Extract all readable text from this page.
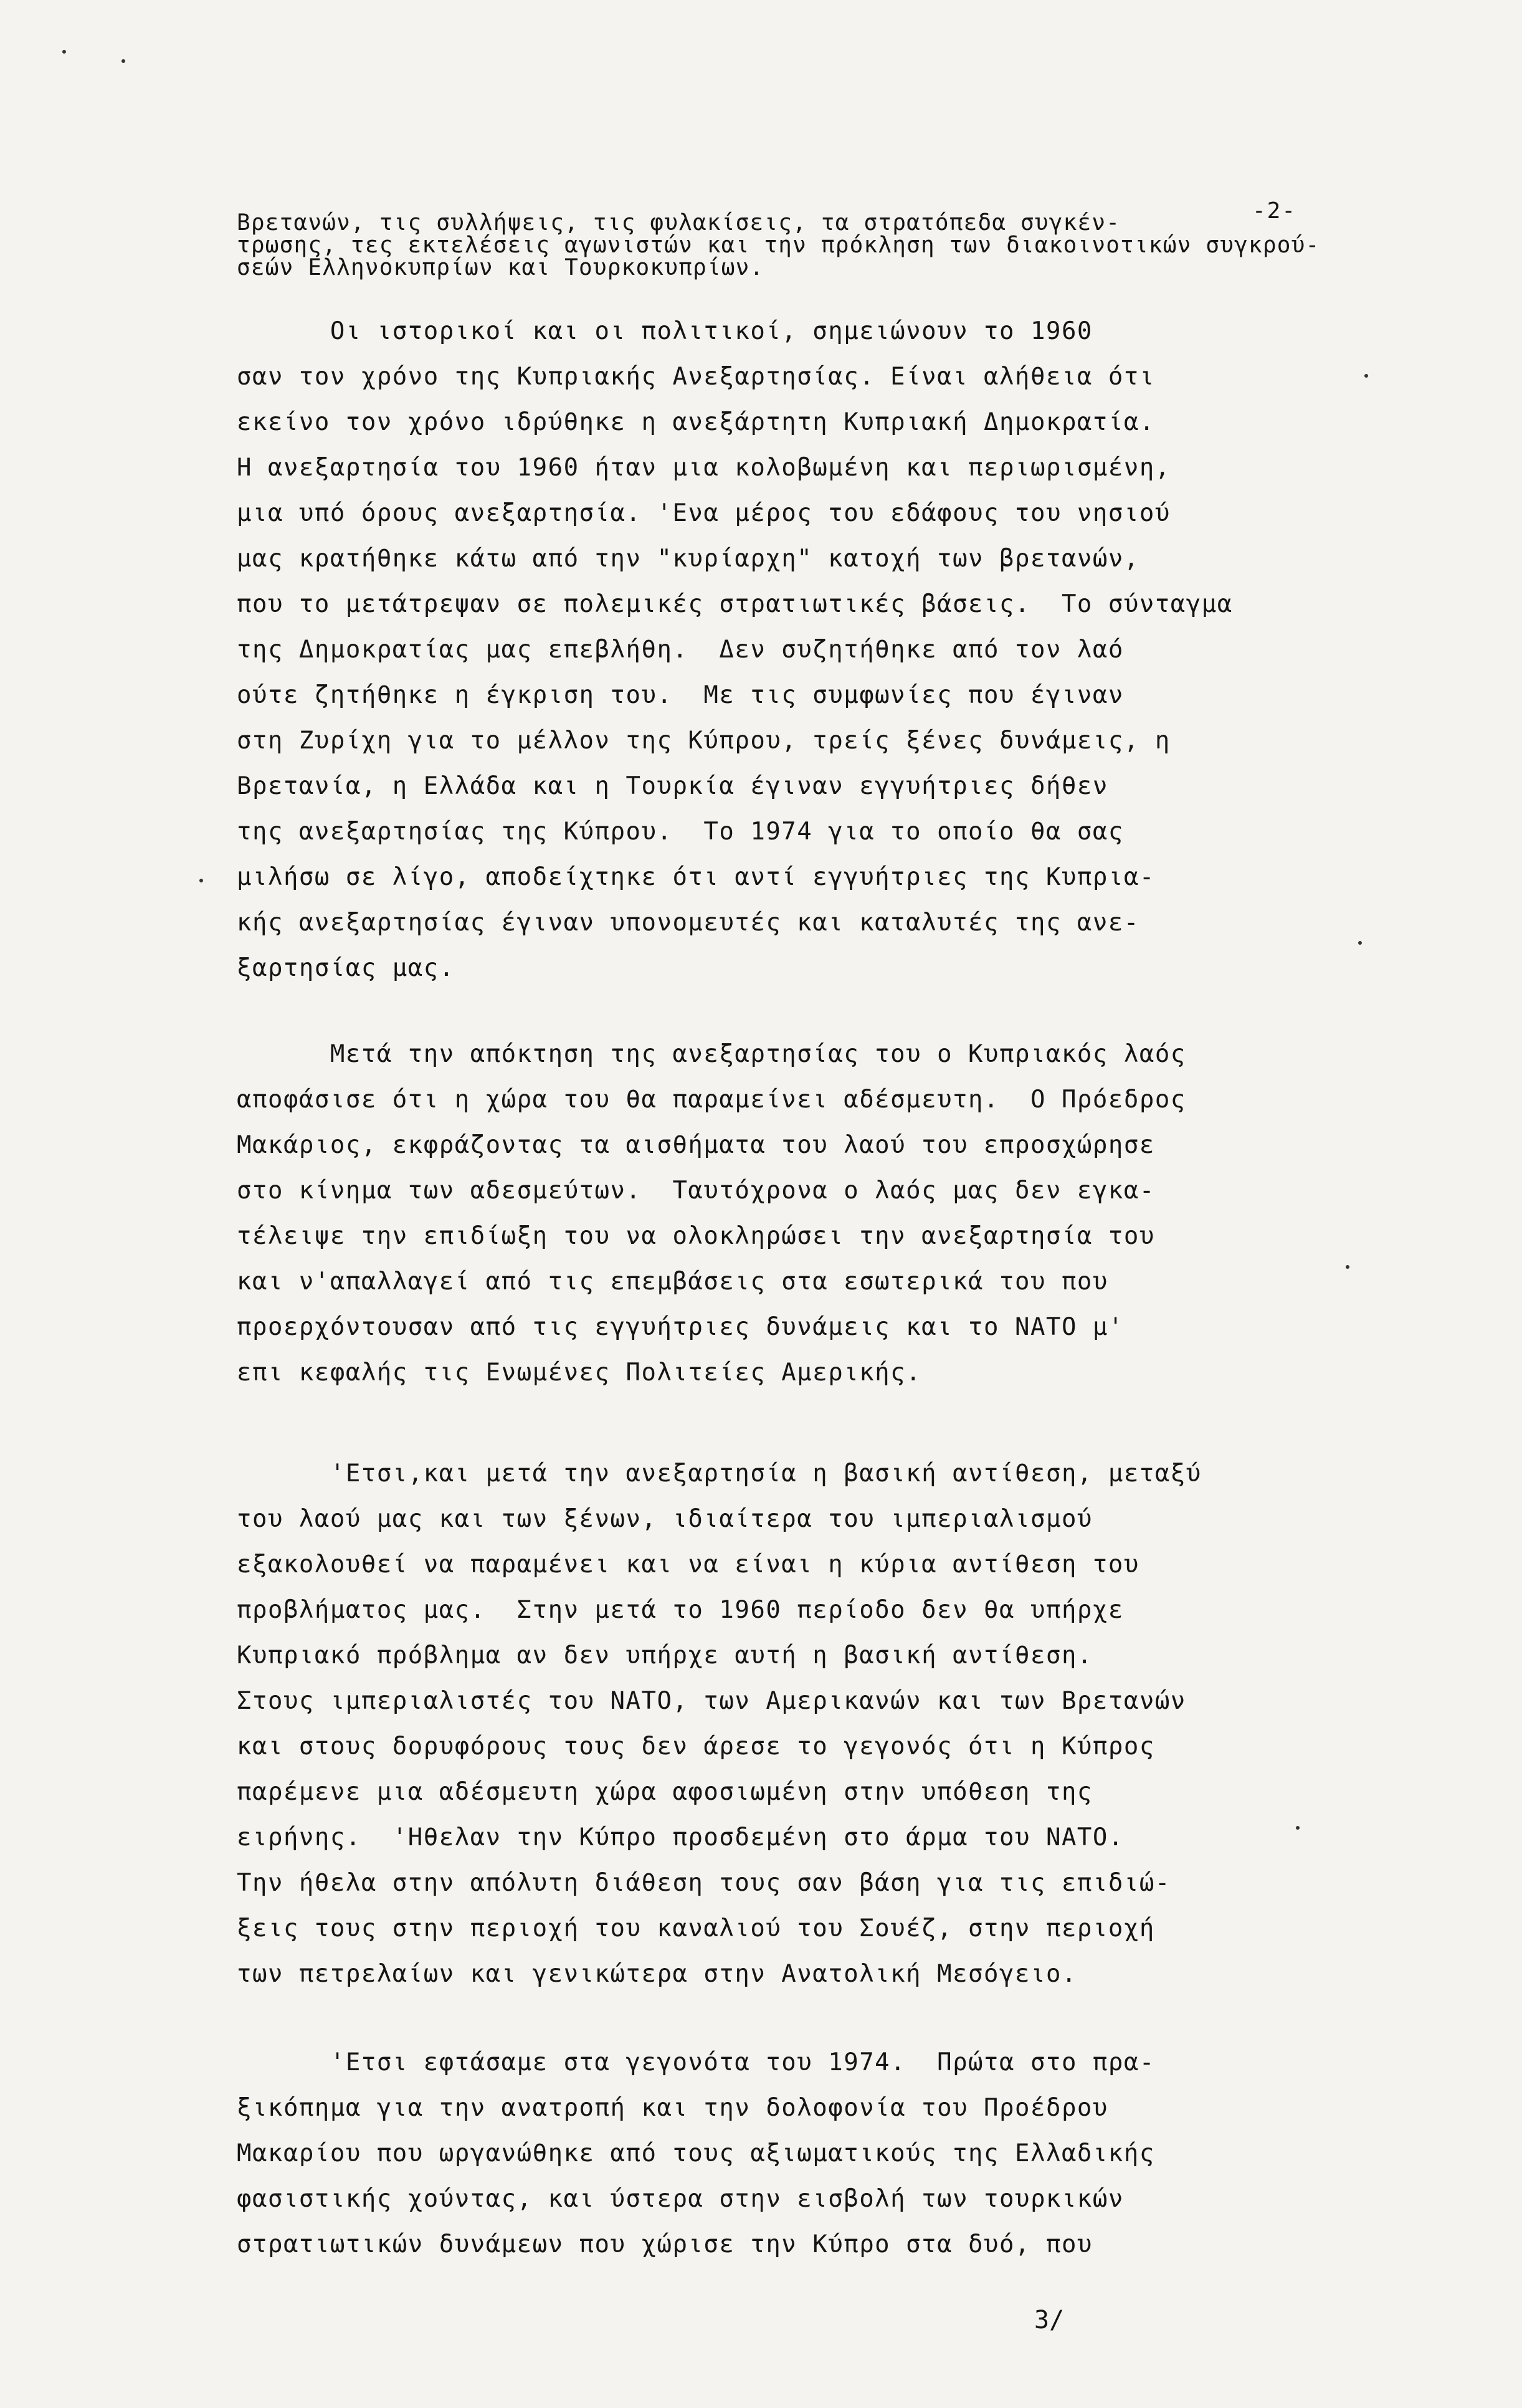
-2-
Βρετανών, τις συλλήψεις, τις φυλακίσεις, τα στρατόπεδα συγκέν-
τρωσης, τες εκτελέσεις αγωνιστών και την πρόκληση των διακοινοτικών συγκρού-
σεών Ελληνοκυπρίων και Τουρκοκυπρίων.
Οι ιστορικοί και οι πολιτικοί, σημειώνουν το 1960
σαν τον χρόνο της Κυπριακής Ανεξαρτησίας. Είναι αλήθεια ότι
εκείνο τον χρόνο ιδρύθηκε η ανεξάρτητη Κυπριακή Δημοκρατία.
Η ανεξαρτησία του 1960 ήταν μια κολοβωμένη και περιωρισμένη,
μια υπό όρους ανεξαρτησία. 'Ενα μέρος του εδάφους του νησιού
μας κρατήθηκε κάτω από την "κυρίαρχη" κατοχή των βρετανών,
που το μετάτρεψαν σε πολεμικές στρατιωτικές βάσεις.  Το σύνταγμα
της Δημοκρατίας μας επεβλήθη.  Δεν συζητήθηκε από τον λαό
ούτε ζητήθηκε η έγκριση του.  Με τις συμφωνίες που έγιναν
στη Ζυρίχη για το μέλλον της Κύπρου, τρείς ξένες δυνάμεις, η
Βρετανία, η Ελλάδα και η Τουρκία έγιναν εγγυήτριες δήθεν
της ανεξαρτησίας της Κύπρου.  Το 1974 για το οποίο θα σας
μιλήσω σε λίγο, αποδείχτηκε ότι αντί εγγυήτριες της Κυπρια-
κής ανεξαρτησίας έγιναν υπονομευτές και καταλυτές της ανε-
ξαρτησίας μας.
Μετά την απόκτηση της ανεξαρτησίας του ο Κυπριακός λαός
αποφάσισε ότι η χώρα του θα παραμείνει αδέσμευτη.  Ο Πρόεδρος
Μακάριος, εκφράζοντας τα αισθήματα του λαού του επροσχώρησε
στο κίνημα των αδεσμεύτων.  Ταυτόχρονα ο λαός μας δεν εγκα-
τέλειψε την επιδίωξη του να ολοκληρώσει την ανεξαρτησία του
και ν'απαλλαγεί από τις επεμβάσεις στα εσωτερικά του που
προερχόντουσαν από τις εγγυήτριες δυνάμεις και το ΝΑΤΟ μ'
επι κεφαλής τις Ενωμένες Πολιτείες Αμερικής.
'Ετσι,και μετά την ανεξαρτησία η βασική αντίθεση, μεταξύ
του λαού μας και των ξένων, ιδιαίτερα του ιμπεριαλισμού
εξακολουθεί να παραμένει και να είναι η κύρια αντίθεση του
προβλήματος μας.  Στην μετά το 1960 περίοδο δεν θα υπήρχε
Κυπριακό πρόβλημα αν δεν υπήρχε αυτή η βασική αντίθεση.
Στους ιμπεριαλιστές του ΝΑΤΟ, των Αμερικανών και των Βρετανών
και στους δορυφόρους τους δεν άρεσε το γεγονός ότι η Κύπρος
παρέμενε μια αδέσμευτη χώρα αφοσιωμένη στην υπόθεση της
ειρήνης.  'Ηθελαν την Κύπρο προσδεμένη στο άρμα του ΝΑΤΟ.
Την ήθελα στην απόλυτη διάθεση τους σαν βάση για τις επιδιώ-
ξεις τους στην περιοχή του καναλιού του Σουέζ, στην περιοχή
των πετρελαίων και γενικώτερα στην Ανατολική Μεσόγειο.
'Ετσι εφτάσαμε στα γεγονότα του 1974.  Πρώτα στο πρα-
ξικόπημα για την ανατροπή και την δολοφονία του Προέδρου
Μακαρίου που ωργανώθηκε από τους αξιωματικούς της Ελλαδικής
φασιστικής χούντας, και ύστερα στην εισβολή των τουρκικών
στρατιωτικών δυνάμεων που χώρισε την Κύπρο στα δυό, που
3/
